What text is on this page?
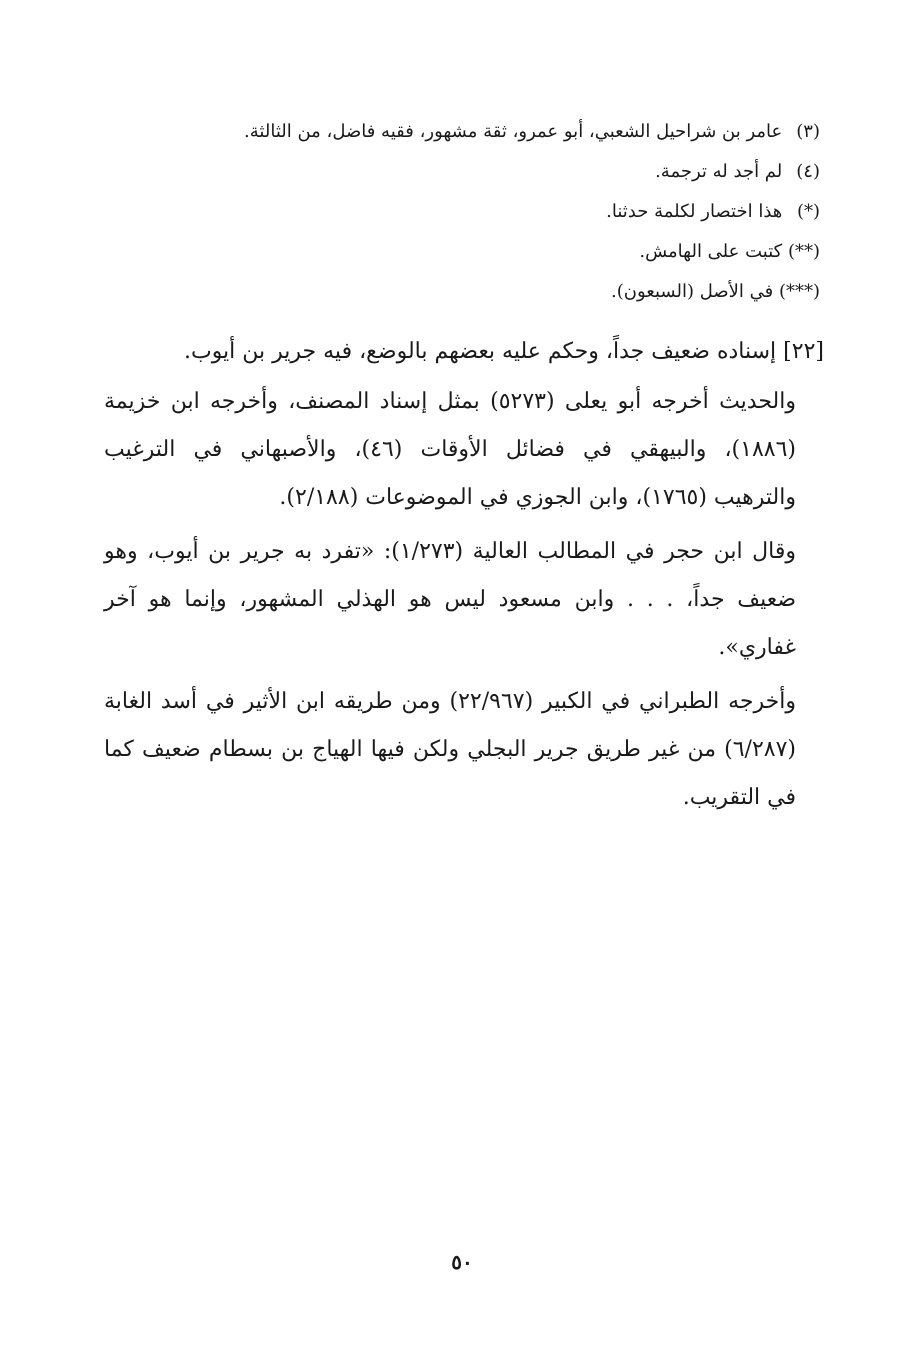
(٣) عامر بن شراحيل الشعبي، أبو عمرو، ثقة مشهور، فقيه فاضل، من الثالثة.
(٤) لم أجد له ترجمة.
(*) هذا اختصار لكلمة حدثنا.
(**) كتبت على الهامش.
(***) في الأصل (السبعون).
[٢٢] إسناده ضعيف جداً، وحكم عليه بعضهم بالوضع، فيه جرير بن أيوب.

والحديث أخرجه أبو يعلى (٥٢٧٣) بمثل إسناد المصنف، وأخرجه ابن خزيمة (١٨٨٦)، والبيهقي في فضائل الأوقات (٤٦)، والأصبهاني في الترغيب والترهيب (١٧٦٥)، وابن الجوزي في الموضوعات (٢/١٨٨).

وقال ابن حجر في المطالب العالية (١/٢٧٣): «تفرد به جرير بن أيوب، وهو ضعيف جداً، . . . وابن مسعود ليس هو الهذلي المشهور، وإنما هو آخر غفاري».

وأخرجه الطبراني في الكبير (٢٢/٩٦٧) ومن طريقه ابن الأثير في أسد الغابة (٦/٢٨٧) من غير طريق جرير البجلي ولكن فيها الهياج بن بسطام ضعيف كما في التقريب.

٥٠
